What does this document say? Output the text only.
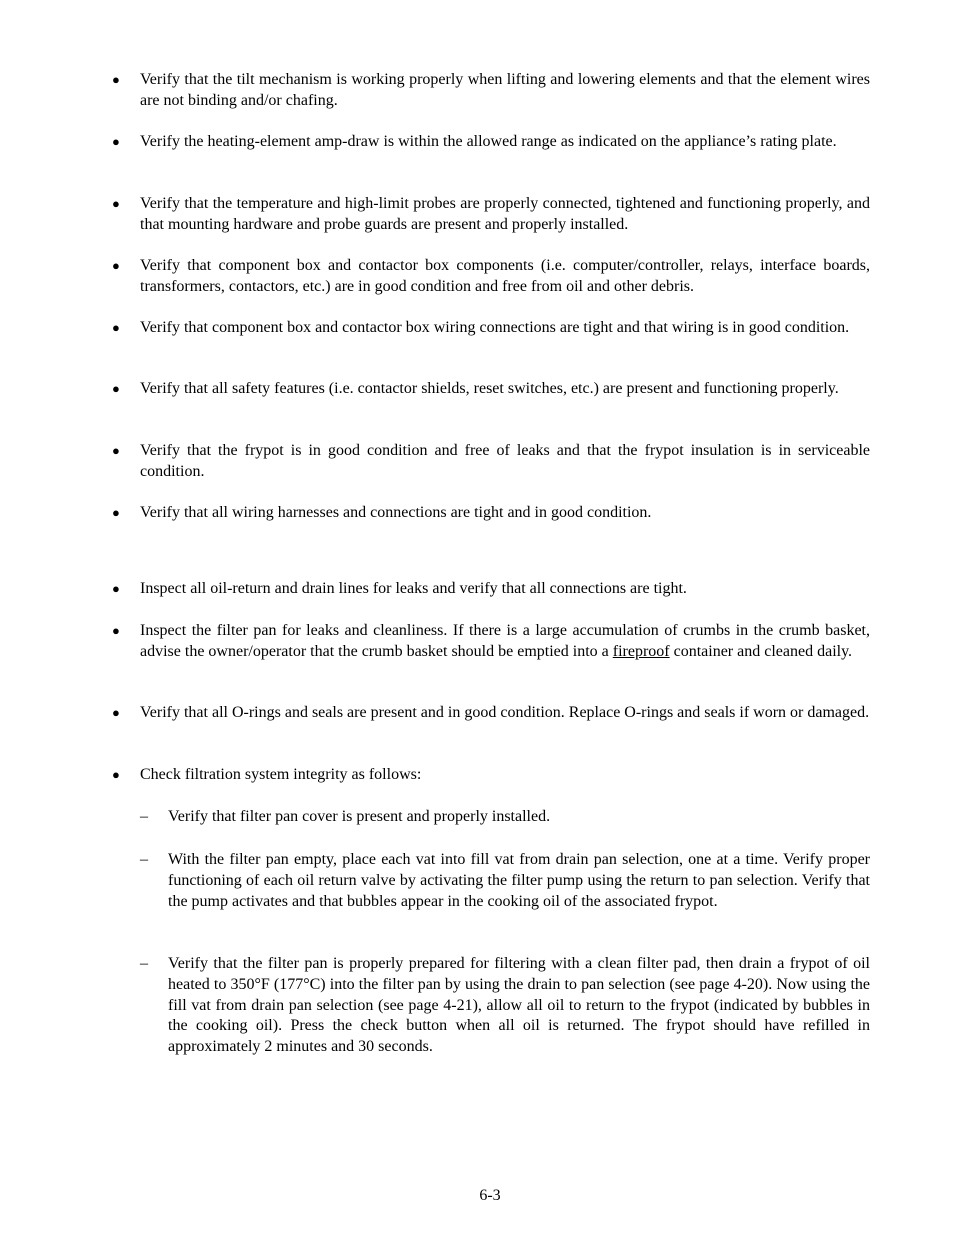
● Verify that the tilt mechanism is working properly when lifting and lowering elements and that the element wires are not binding and/or chafing.
● Verify the heating-element amp-draw is within the allowed range as indicated on the appliance’s rating plate.
● Verify that the temperature and high-limit probes are properly connected, tightened and functioning properly, and that mounting hardware and probe guards are present and properly installed.
● Verify that component box and contactor box components (i.e. computer/controller, relays, interface boards, transformers, contactors, etc.) are in good condition and free from oil and other debris.
● Verify that component box and contactor box wiring connections are tight and that wiring is in good condition.
● Verify that all safety features (i.e. contactor shields, reset switches, etc.) are present and functioning properly.
● Verify that the frypot is in good condition and free of leaks and that the frypot insulation is in serviceable condition.
● Verify that all wiring harnesses and connections are tight and in good condition.
● Inspect all oil-return and drain lines for leaks and verify that all connections are tight.
● Inspect the filter pan for leaks and cleanliness. If there is a large accumulation of crumbs in the crumb basket, advise the owner/operator that the crumb basket should be emptied into a fireproof container and cleaned daily.
● Verify that all O-rings and seals are present and in good condition. Replace O-rings and seals if worn or damaged.
● Check filtration system integrity as follows:
– Verify that filter pan cover is present and properly installed.
– With the filter pan empty, place each vat into fill vat from drain pan selection, one at a time. Verify proper functioning of each oil return valve by activating the filter pump using the return to pan selection. Verify that the pump activates and that bubbles appear in the cooking oil of the associated frypot.
– Verify that the filter pan is properly prepared for filtering with a clean filter pad, then drain a frypot of oil heated to 350°F (177°C) into the filter pan by using the drain to pan selection (see page 4-20). Now using the fill vat from drain pan selection (see page 4-21), allow all oil to return to the frypot (indicated by bubbles in the cooking oil). Press the check button when all oil is returned. The frypot should have refilled in approximately 2 minutes and 30 seconds.
6-3
